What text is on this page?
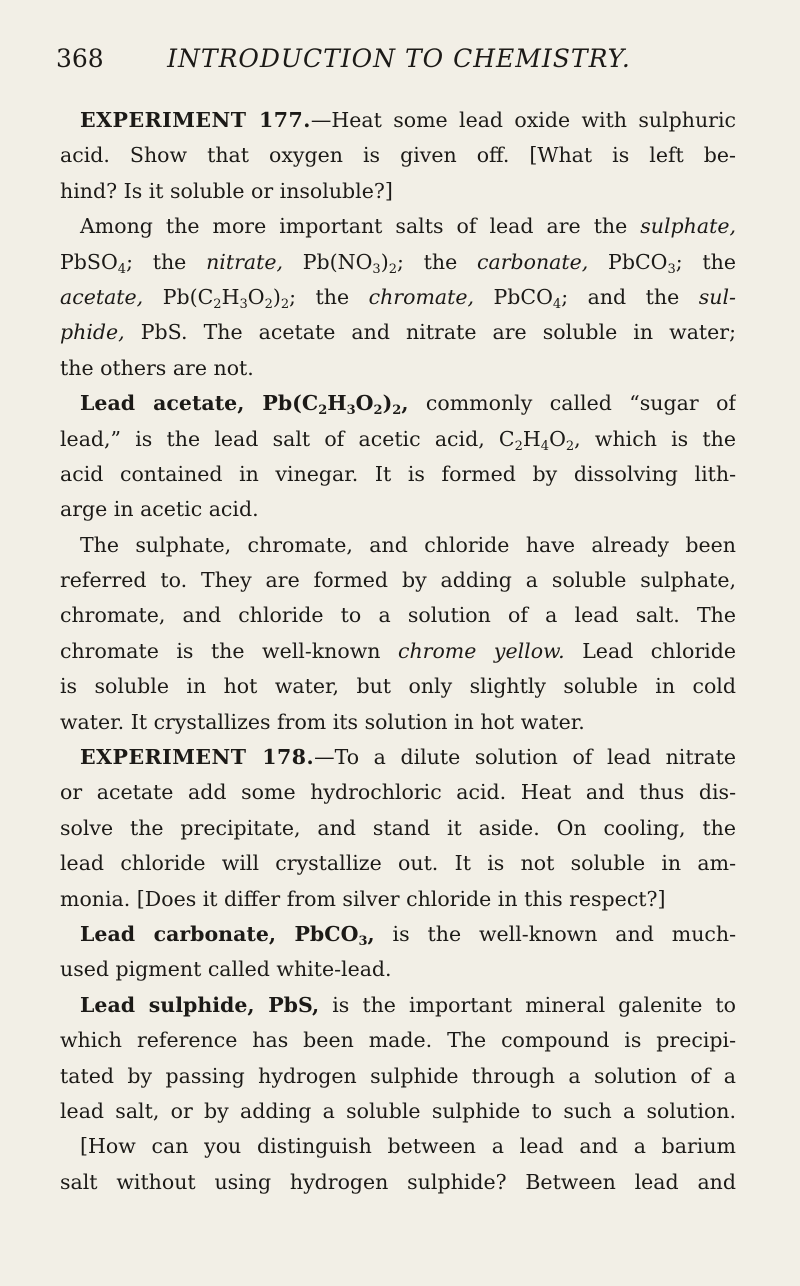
368	INTRODUCTION TO CHEMISTRY.
EXPERIMENT 177.—Heat some lead oxide with sulphuric
acid. Show that oxygen is given off. [What is left be-
hind? Is it soluble or insoluble?]
Among the more important salts of lead are the sulphate,
PbSO$_4$; the nitrate, $Pb(NO_3)_2$; the carbonate, PbCO$_3$; the
acetate, $Pb(C_2H_3O_2)_2$; the chromate, PbCO$_4$; and the sul-
phide, PbS. The acetate and nitrate are soluble in water;
the others are not.
Lead acetate, $Pb(C_2H_3O_2)_2$, commonly called “sugar of
lead,” is the lead salt of acetic acid, $C_2H_4O_2$, which is the
acid contained in vinegar. It is formed by dissolving lith-
arge in acetic acid.
The sulphate, chromate, and chloride have already been
referred to. They are formed by adding a soluble sulphate,
chromate, and chloride to a solution of a lead salt. The
chromate is the well-known chrome yellow. Lead chloride
is soluble in hot water, but only slightly soluble in cold
water. It crystallizes from its solution in hot water.
EXPERIMENT 178.—To a dilute solution of lead nitrate
or acetate add some hydrochloric acid. Heat and thus dis-
solve the precipitate, and stand it aside. On cooling, the
lead chloride will crystallize out. It is not soluble in am-
monia. [Does it differ from silver chloride in this respect?]
Lead carbonate, PbCO$_3$, is the well-known and much-
used pigment called white-lead.
Lead sulphide, PbS, is the important mineral galenite to
which reference has been made. The compound is precipi-
tated by passing hydrogen sulphide through a solution of a
lead salt, or by adding a soluble sulphide to such a solution.
[How can you distinguish between a lead and a barium
salt without using hydrogen sulphide? Between lead and
